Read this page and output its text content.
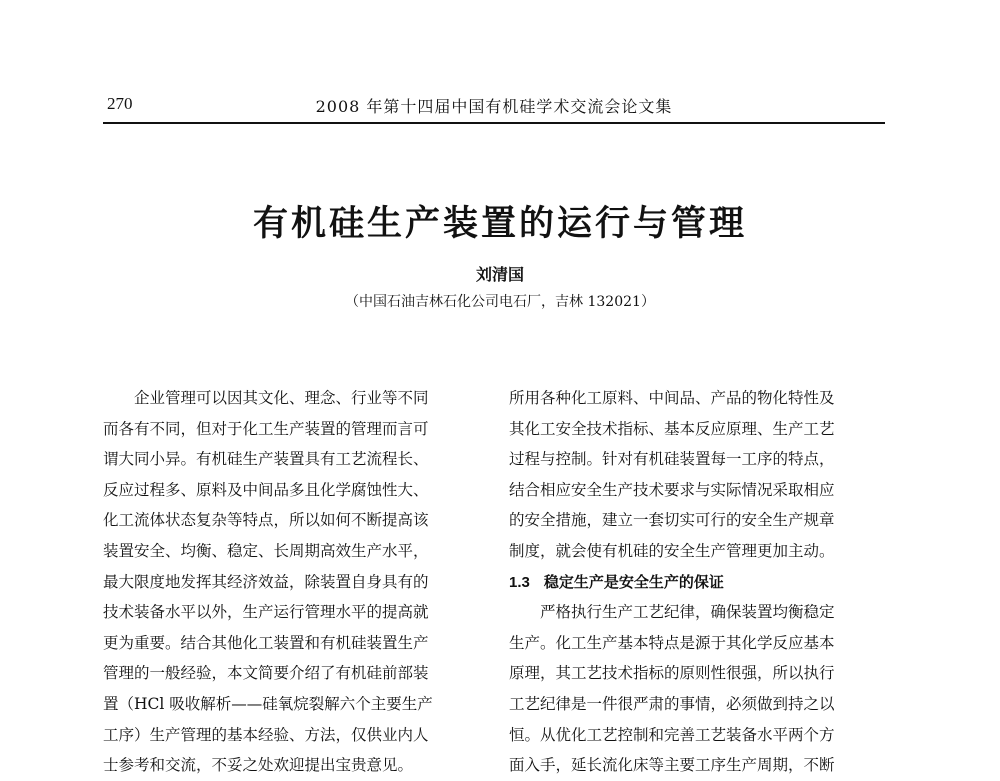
270	2008 年第十四届中国有机硅学术交流会论文集
有机硅生产装置的运行与管理
刘清国
（中国石油吉林石化公司电石厂，吉林 132021）
企业管理可以因其文化、理念、行业等不同
而各有不同，但对于化工生产装置的管理而言可
谓大同小异。有机硅生产装置具有工艺流程长、
反应过程多、原料及中间品多且化学腐蚀性大、
化工流体状态复杂等特点，所以如何不断提高该
装置安全、均衡、稳定、长周期高效生产水平，
最大限度地发挥其经济效益，除装置自身具有的
技术装备水平以外，生产运行管理水平的提高就
更为重要。结合其他化工装置和有机硅装置生产
管理的一般经验，本文简要介绍了有机硅前部装
置（HCl 吸收解析——硅氧烷裂解六个主要生产
工序）生产管理的基本经验、方法，仅供业内人
士参考和交流，不妥之处欢迎提出宝贵意见。
所用各种化工原料、中间品、产品的物化特性及
其化工安全技术指标、基本反应原理、生产工艺
过程与控制。针对有机硅装置每一工序的特点，
结合相应安全生产技术要求与实际情况采取相应
的安全措施，建立一套切实可行的安全生产规章
制度，就会使有机硅的安全生产管理更加主动。
1.3 稳定生产是安全生产的保证
严格执行生产工艺纪律，确保装置均衡稳定
生产。化工生产基本特点是源于其化学反应基本
原理，其工艺技术指标的原则性很强，所以执行
工艺纪律是一件很严肃的事情，必须做到持之以
恒。从优化工艺控制和完善工艺装备水平两个方
面入手，延长流化床等主要工序生产周期，不断
